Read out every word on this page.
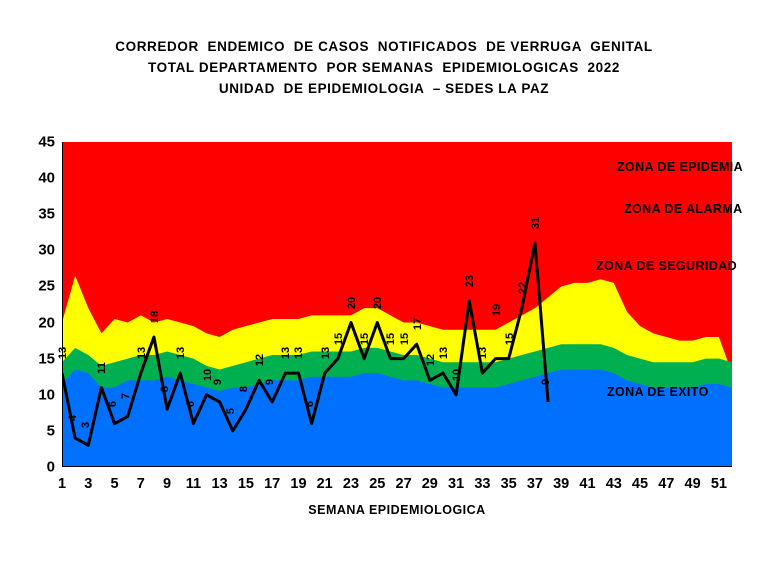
CORREDOR  ENDEMICO  DE CASOS  NOTIFICADOS  DE VERRUGA  GENITAL
TOTAL DEPARTAMENTO  POR SEMANAS  EPIDEMIOLOGICAS  2022
UNIDAD  DE EPIDEMIOLOGIA  – SEDES LA PAZ
0
5
10
15
20
25
30
35
40
45
1 3 5 7 9 11 13 15 17 19 21 23 25 27 29 31 33 35 37 39 41 43 45 47 49 51
13
4
3
11
6
7
13
18
8
13
6
10
9
5
8
12
9
13 13
6
13
15
20
15
20
15 15
17
12
13
10
23
13
19
15
22
31
9
ZONA DE EPIDEMIA
ZONA DE ALARMA
ZONA DE SEGURIDAD
ZONA DE EXITO
SEMANA EPIDEMIOLOGICA
